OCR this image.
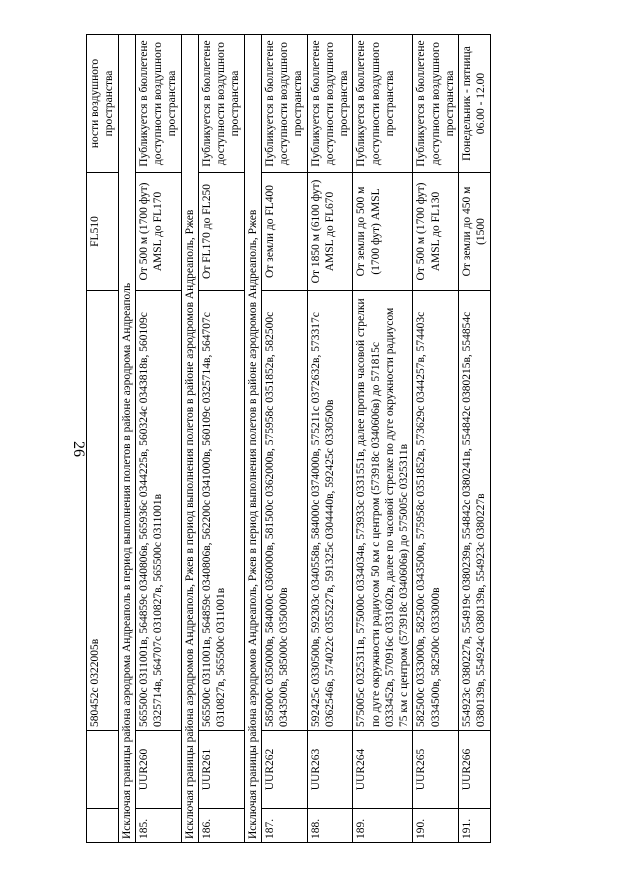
26
		580452с 0322005в	FL510	ности воздушного пространства
Исключая границы района аэродрома Андреаполь в период выполнения полетов в районе аэродрома Андреаполь				
185.	UUR260	565500с 0311001в, 564859с 0340806в, 565936с 0344225в, 560324с 0343818в, 560109с 0325714в, 564707с 0310827в, 565500с 0311001в	От 500 м (1700 фут) AMSL до FL170	Публикуется в бюллетене доступности воздушного пространства
Исключая границы района аэродромов Андреаполь, Ржев в период выполнения полетов в районе аэродромов Андреаполь, Ржев				
186.	UUR261	565500с 0311001в, 564859с 0340806в, 562200с 0341000в, 560109с 0325714в, 564707с 0310827в, 565500с 0311001в	От FL170 до FL250	Публикуется в бюллетене доступности воздушного пространства
Исключая границы района аэродромов Андреаполь, Ржев в период выполнения полетов в районе аэродромов Андреаполь, Ржев				
187.	UUR262	585000с 0350000в, 584000с 0360000в, 581500с 0362000в, 575958с 0351852в, 582500с 0343500в, 585000с 0350000в	От земли до FL400	Публикуется в бюллетене доступности воздушного пространства
188.	UUR263	592425с 0330500в, 592303с 0340558в, 584000с 0374000в, 575211с 0372632в, 573317с 0362546в, 574022с 0355227в, 591325с 0304440в, 592425с 0330500в	От 1850 м (6100 фут) AMSL до FL670	Публикуется в бюллетене доступности воздушного пространства
189.	UUR264	575005с 0325311в, 575000с 0334034в, 573933с 0331551в, далее против часовой стрелки по дуге окружности радиусом 50 км с центром (573918с 0340606в) до 571815с 0333452в, 570916с 0331602в, далее по часовой стрелке по дуге окружности радиусом 75 км с центром (573918с 0340606в) до 575005с 0325311в	От земли до 500 м (1700 фут) AMSL	Публикуется в бюллетене доступности воздушного пространства
190.	UUR265	582500с 0333000в, 582500с 0343500в, 575958с 0351852в, 573629с 0344257в, 574403с 0334500в, 582500с 0333000в	От 500 м (1700 фут) AMSL до FL130	Публикуется в бюллетене доступности воздушного пространства
191.	UUR266	554923с 0380227в, 554919с 0380239в, 554842с 0380241в, 554842с 0380215в, 554854с 0380139в, 554924с 0380139в, 554923с 0380227в	От земли до 450 м (1500	Понедельник - пятница 06.00 - 12.00
